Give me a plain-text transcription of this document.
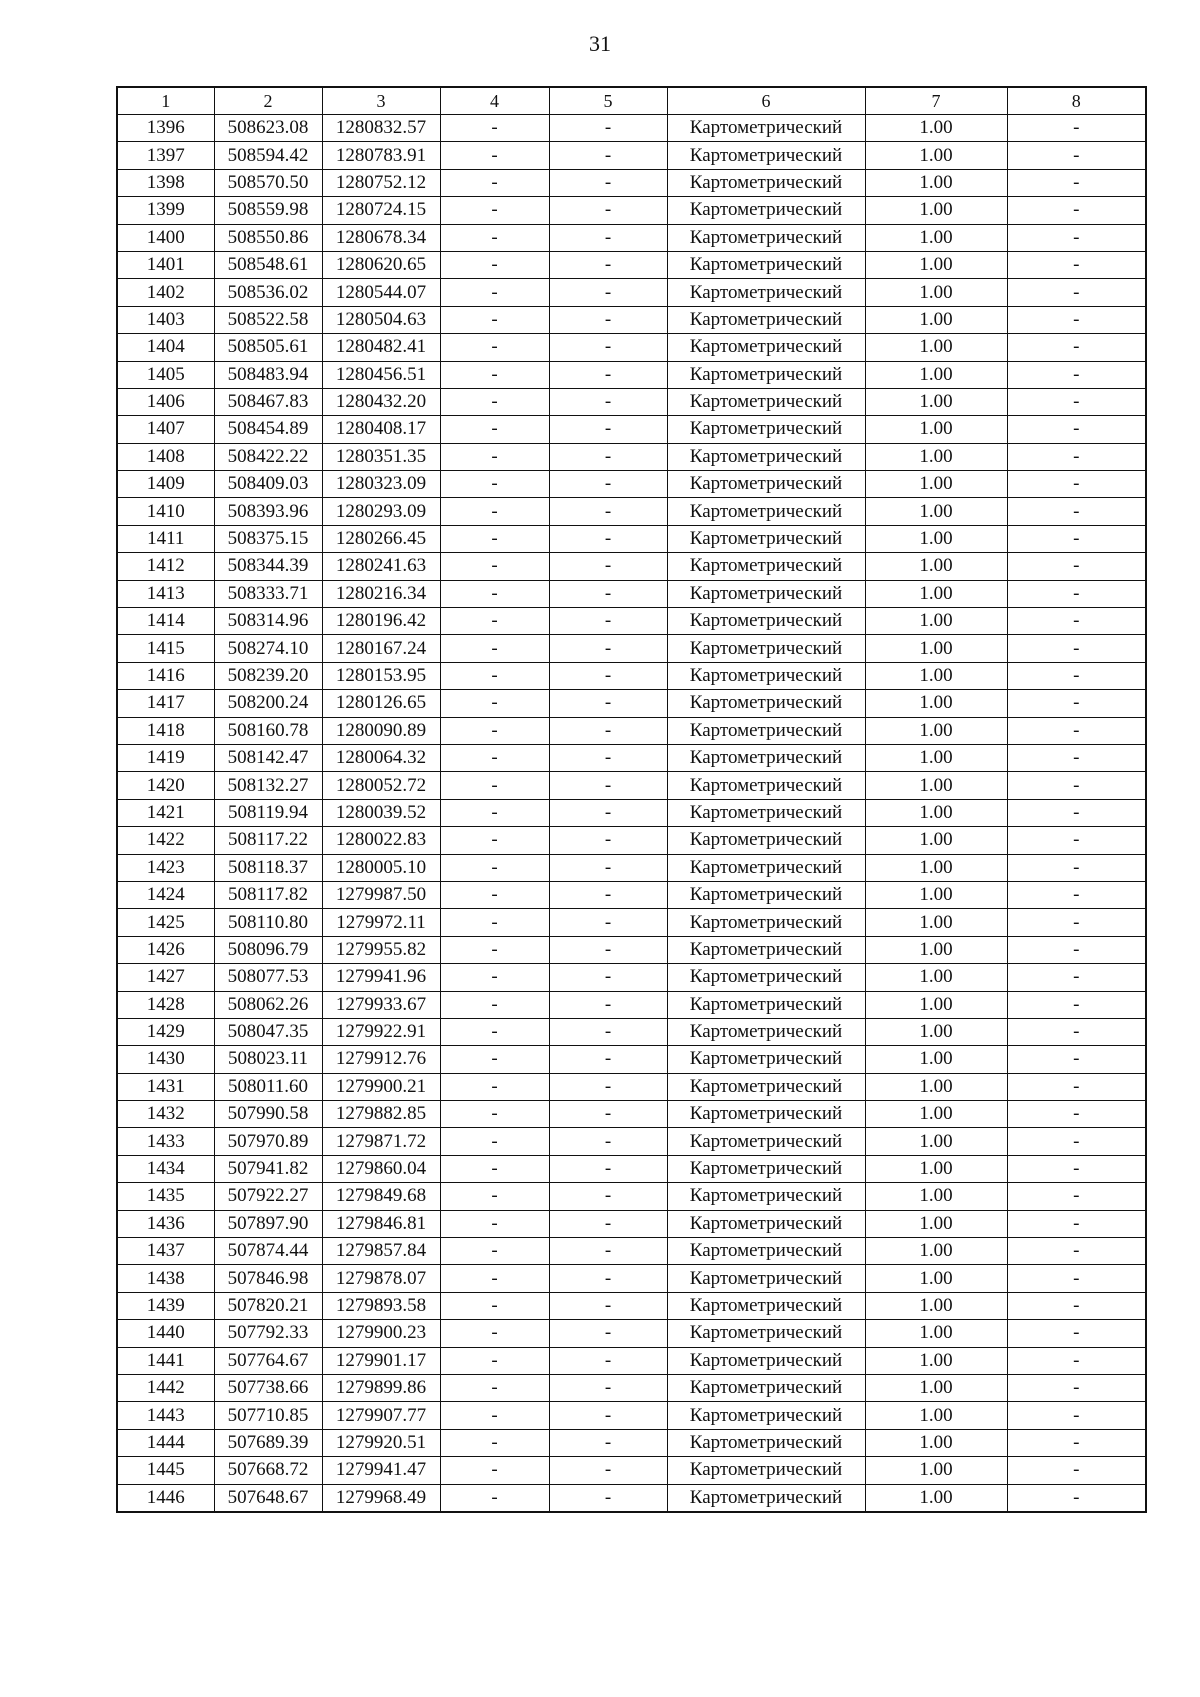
31
1	2	3	4	5	6	7	8
1396	508623.08	1280832.57	-	-	Картометрический	1.00	-
1397	508594.42	1280783.91	-	-	Картометрический	1.00	-
1398	508570.50	1280752.12	-	-	Картометрический	1.00	-
1399	508559.98	1280724.15	-	-	Картометрический	1.00	-
1400	508550.86	1280678.34	-	-	Картометрический	1.00	-
1401	508548.61	1280620.65	-	-	Картометрический	1.00	-
1402	508536.02	1280544.07	-	-	Картометрический	1.00	-
1403	508522.58	1280504.63	-	-	Картометрический	1.00	-
1404	508505.61	1280482.41	-	-	Картометрический	1.00	-
1405	508483.94	1280456.51	-	-	Картометрический	1.00	-
1406	508467.83	1280432.20	-	-	Картометрический	1.00	-
1407	508454.89	1280408.17	-	-	Картометрический	1.00	-
1408	508422.22	1280351.35	-	-	Картометрический	1.00	-
1409	508409.03	1280323.09	-	-	Картометрический	1.00	-
1410	508393.96	1280293.09	-	-	Картометрический	1.00	-
1411	508375.15	1280266.45	-	-	Картометрический	1.00	-
1412	508344.39	1280241.63	-	-	Картометрический	1.00	-
1413	508333.71	1280216.34	-	-	Картометрический	1.00	-
1414	508314.96	1280196.42	-	-	Картометрический	1.00	-
1415	508274.10	1280167.24	-	-	Картометрический	1.00	-
1416	508239.20	1280153.95	-	-	Картометрический	1.00	-
1417	508200.24	1280126.65	-	-	Картометрический	1.00	-
1418	508160.78	1280090.89	-	-	Картометрический	1.00	-
1419	508142.47	1280064.32	-	-	Картометрический	1.00	-
1420	508132.27	1280052.72	-	-	Картометрический	1.00	-
1421	508119.94	1280039.52	-	-	Картометрический	1.00	-
1422	508117.22	1280022.83	-	-	Картометрический	1.00	-
1423	508118.37	1280005.10	-	-	Картометрический	1.00	-
1424	508117.82	1279987.50	-	-	Картометрический	1.00	-
1425	508110.80	1279972.11	-	-	Картометрический	1.00	-
1426	508096.79	1279955.82	-	-	Картометрический	1.00	-
1427	508077.53	1279941.96	-	-	Картометрический	1.00	-
1428	508062.26	1279933.67	-	-	Картометрический	1.00	-
1429	508047.35	1279922.91	-	-	Картометрический	1.00	-
1430	508023.11	1279912.76	-	-	Картометрический	1.00	-
1431	508011.60	1279900.21	-	-	Картометрический	1.00	-
1432	507990.58	1279882.85	-	-	Картометрический	1.00	-
1433	507970.89	1279871.72	-	-	Картометрический	1.00	-
1434	507941.82	1279860.04	-	-	Картометрический	1.00	-
1435	507922.27	1279849.68	-	-	Картометрический	1.00	-
1436	507897.90	1279846.81	-	-	Картометрический	1.00	-
1437	507874.44	1279857.84	-	-	Картометрический	1.00	-
1438	507846.98	1279878.07	-	-	Картометрический	1.00	-
1439	507820.21	1279893.58	-	-	Картометрический	1.00	-
1440	507792.33	1279900.23	-	-	Картометрический	1.00	-
1441	507764.67	1279901.17	-	-	Картометрический	1.00	-
1442	507738.66	1279899.86	-	-	Картометрический	1.00	-
1443	507710.85	1279907.77	-	-	Картометрический	1.00	-
1444	507689.39	1279920.51	-	-	Картометрический	1.00	-
1445	507668.72	1279941.47	-	-	Картометрический	1.00	-
1446	507648.67	1279968.49	-	-	Картометрический	1.00	-
